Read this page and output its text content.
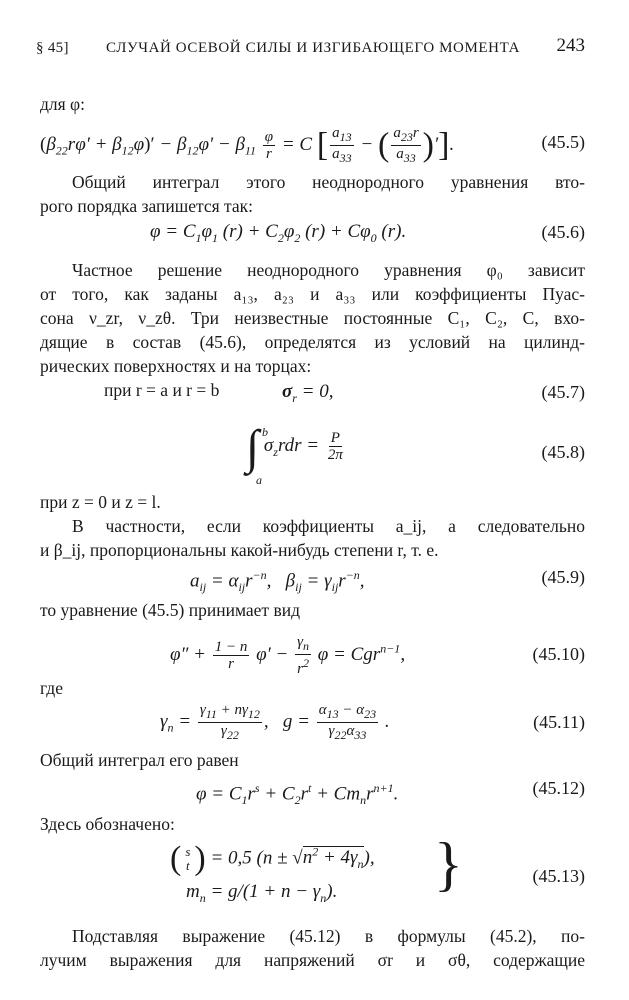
§ 45] СЛУЧАЙ ОСЕВОЙ СИЛЫ И ИЗГИБАЮЩЕГО МОМЕНТА 243
для φ:
$(\beta_{22}r\varphi' + \beta_{12}\varphi)' - \beta_{12}\varphi' - \beta_{11} \frac{\varphi}{r} = C$ [ $\frac{a_{13}}{a_{33}}$ − ( $\frac{a_{23}r}{a_{33}}$ )′].	(45.5)
Общий интеграл этого неоднородного уравнения вто-
рого порядка запишется так:
$\varphi = C_1\varphi_1$ $(r) + C_2\varphi_2$ $(r) + C\varphi_0$ (r).	(45.6)
Частное решение неоднородного уравнения φ₀ зависит
от того, как заданы a₁₃, a₂₃ и a₃₃ или коэффициенты Пуас-
сона ν_zr, ν_zθ. Три неизвестные постоянные C₁, C₂, C, вхо-
дящие в состав (45.6), определятся из условий на цилинд-
рических поверхностях и на торцах:
при r = a и r = b	$\sigma_r = 0$,	(45.7)
∫ b
a
$\sigma_zrdr = \frac{P}{2\pi}$	(45.8)
при z = 0 и z = l.
В частности, если коэффициенты a_ij, а следовательно
и β_ij, пропорциональны какой-нибудь степени r, т. е.
$a_{ij} = \alpha_{ij}r^{-n}$,   $\beta_{ij} = \gamma_{ij}r^{-n}$,	(45.9)
то уравнение (45.5) принимает вид
$\varphi'' + \frac{1 - n}{r} \varphi' - \frac{\gamma_n}{r^2}$ φ = Cgr$^{n-1}$,	(45.10)
где
$\gamma_n = \frac{\gamma_{11} + n\gamma_{12}}{\gamma_{22}}$ ,   $g = \frac{\alpha_{13} - \alpha_{23}}{\gamma_{22}\alpha_{33}}$ .	(45.11)
Общий интеграл его равен
$\varphi = C_1r^s + C_2r^t + Cm_nr^{n+1}$.	(45.12)
Здесь обозначено:
( s
t ) = 0,5 $(n \pm √n^2 + 4\gamma_n)$,
$m_n = g/(1 + n - \gamma_n)$. }	(45.13)
Подставляя выражение (45.12) в формулы (45.2), по-
лучим выражения для напряжений σr и σθ, содержащие
